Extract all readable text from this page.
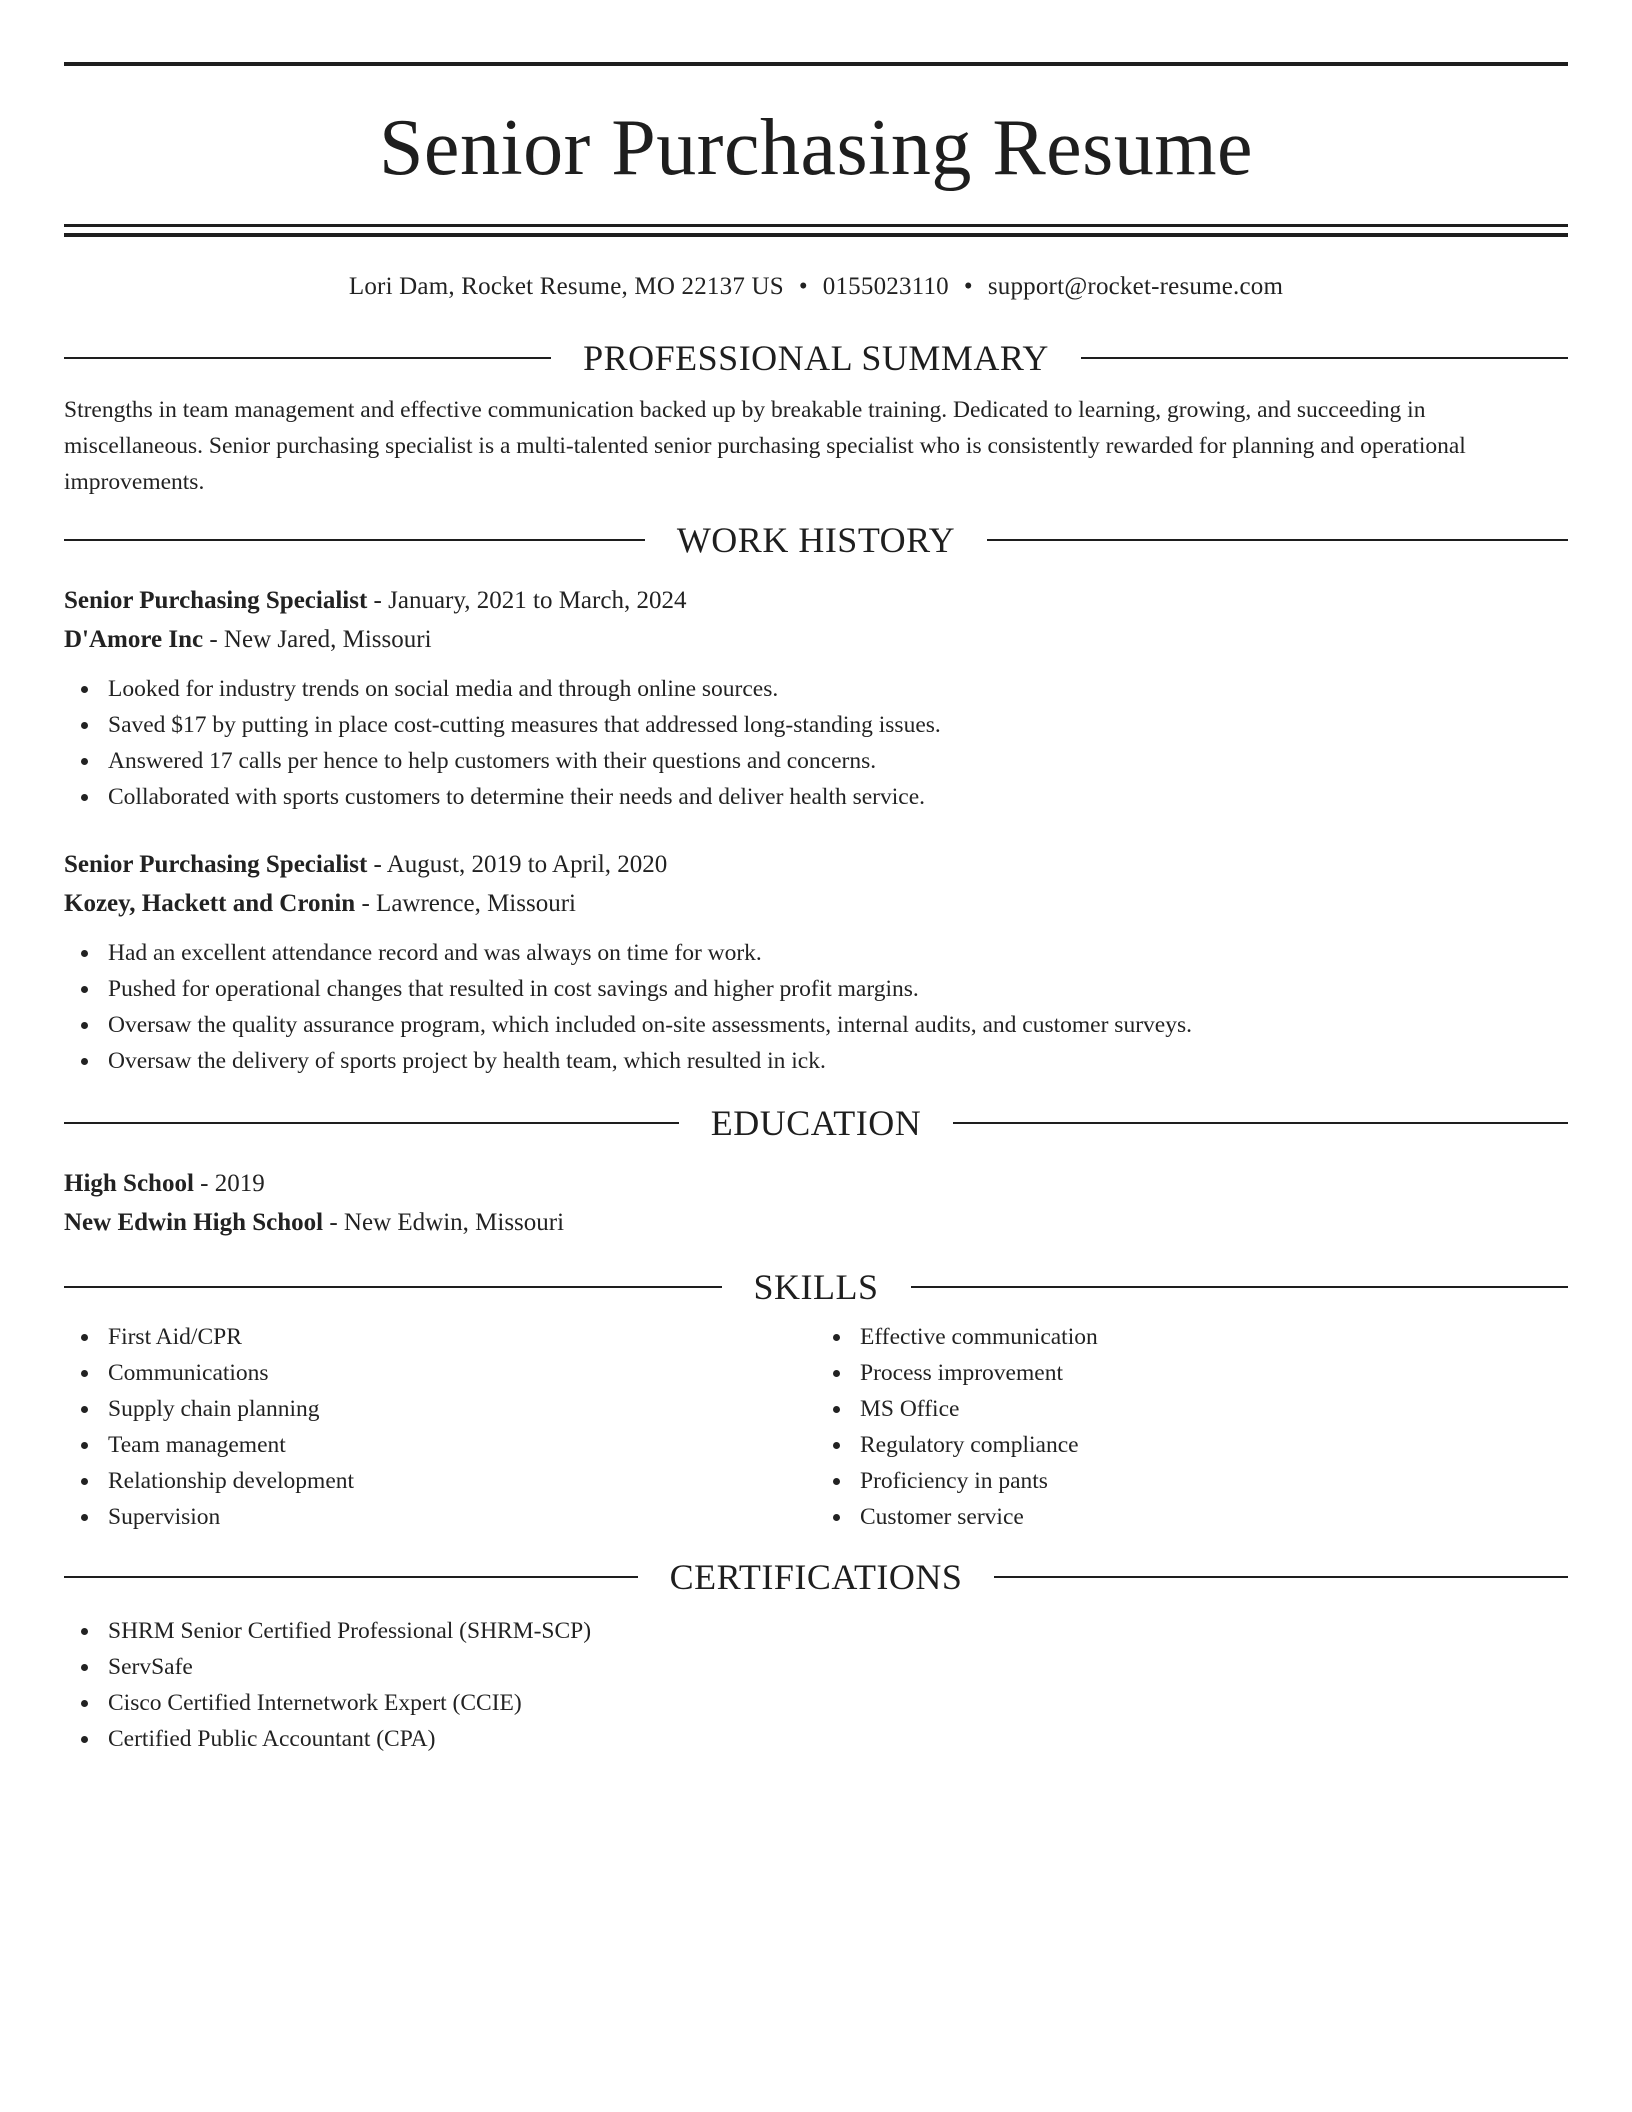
Senior Purchasing Resume
Lori Dam, Rocket Resume, MO 22137 US • 0155023110 • support@rocket-resume.com
PROFESSIONAL SUMMARY

Strengths in team management and effective communication backed up by breakable training. Dedicated to learning, growing, and succeeding in miscellaneous. Senior purchasing specialist is a multi-talented senior purchasing specialist who is consistently rewarded for planning and operational improvements.

WORK HISTORY
Senior Purchasing Specialist - January, 2021 to March, 2024
D'Amore Inc - New Jared, Missouri
Looked for industry trends on social media and through online sources.
Saved $17 by putting in place cost-cutting measures that addressed long-standing issues.
Answered 17 calls per hence to help customers with their questions and concerns.
Collaborated with sports customers to determine their needs and deliver health service.
Senior Purchasing Specialist - August, 2019 to April, 2020
Kozey, Hackett and Cronin - Lawrence, Missouri
Had an excellent attendance record and was always on time for work.
Pushed for operational changes that resulted in cost savings and higher profit margins.
Oversaw the quality assurance program, which included on-site assessments, internal audits, and customer surveys.
Oversaw the delivery of sports project by health team, which resulted in ick.
EDUCATION
High School - 2019
New Edwin High School - New Edwin, Missouri
SKILLS
First Aid/CPR
Communications
Supply chain planning
Team management
Relationship development
Supervision
Effective communication
Process improvement
MS Office
Regulatory compliance
Proficiency in pants
Customer service
CERTIFICATIONS
SHRM Senior Certified Professional (SHRM-SCP)
ServSafe
Cisco Certified Internetwork Expert (CCIE)
Certified Public Accountant (CPA)
